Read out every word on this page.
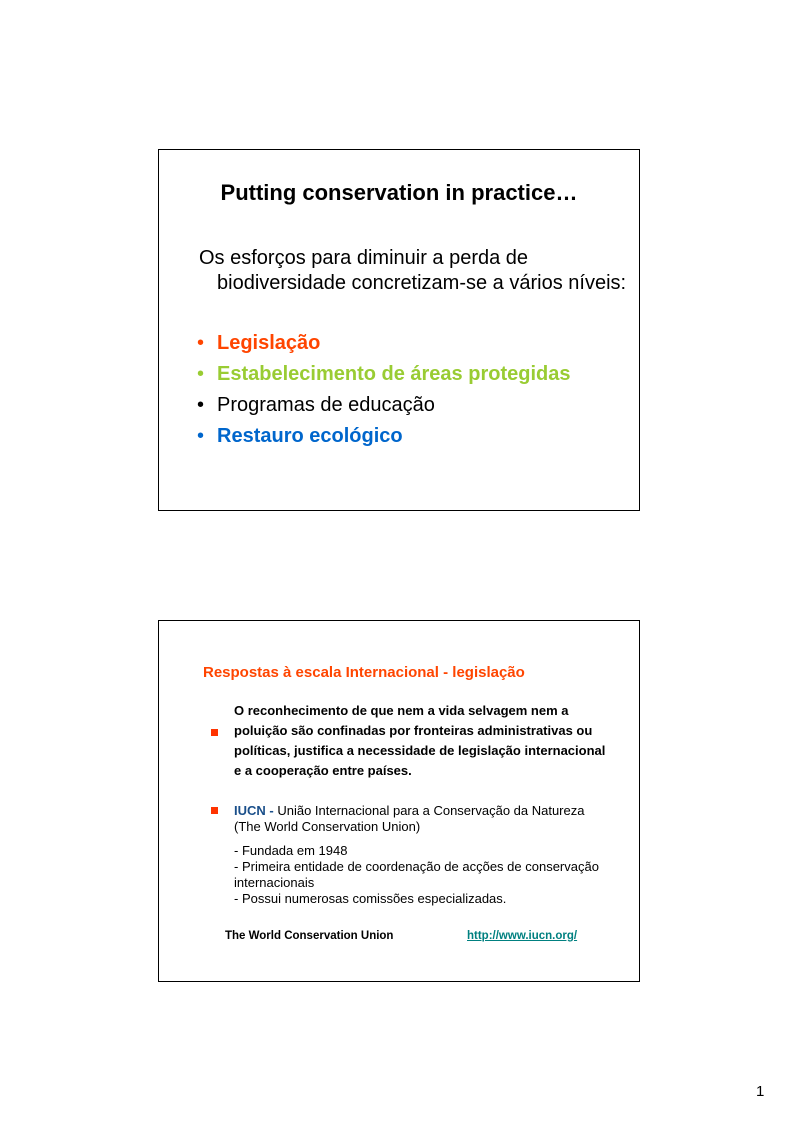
Putting conservation in practice…
Os esforços para diminuir a perda de biodiversidade concretizam-se a vários níveis:
• Legislação
• Estabelecimento de áreas protegidas
• Programas de educação
• Restauro ecológico
Respostas à escala Internacional - legislação
O reconhecimento de que nem a vida selvagem nem a poluição são confinadas por fronteiras administrativas ou políticas, justifica a necessidade de legislação internacional e a cooperação entre países.
IUCN - União Internacional para a Conservação da Natureza (The World Conservation Union)
- Fundada em 1948
- Primeira entidade de coordenação de acções de conservação internacionais
- Possui numerosas comissões especializadas.
The World Conservation Union	http://www.iucn.org/
1
